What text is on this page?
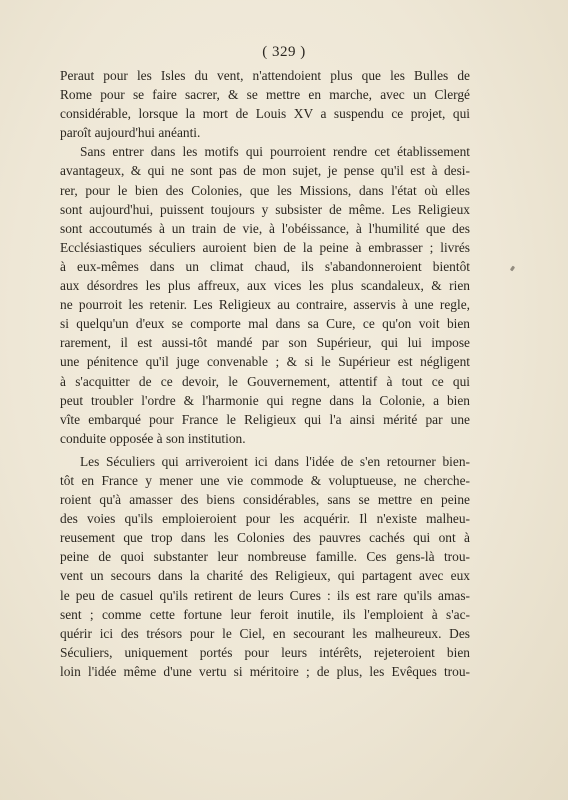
( 329 )
Peraut pour les Isles du vent, n'attendoient plus que les Bulles de
Rome pour se faire sacrer, & se mettre en marche, avec un Clergé
considérable, lorsque la mort de Louis XV a suspendu ce projet, qui
paroît aujourd'hui anéanti.
Sans entrer dans les motifs qui pourroient rendre cet établissement
avantageux, & qui ne sont pas de mon sujet, je pense qu'il est à desi-
rer, pour le bien des Colonies, que les Missions, dans l'état où elles
sont aujourd'hui, puissent toujours y subsister de même. Les Religieux
sont accoutumés à un train de vie, à l'obéissance, à l'humilité que des
Ecclésiastiques séculiers auroient bien de la peine à embrasser ; livrés
à eux-mêmes dans un climat chaud, ils s'abandonneroient bientôt
aux désordres les plus affreux, aux vices les plus scandaleux, & rien
ne pourroit les retenir. Les Religieux au contraire, asservis à une regle,
si quelqu'un d'eux se comporte mal dans sa Cure, ce qu'on voit bien
rarement, il est aussi-tôt mandé par son Supérieur, qui lui impose
une pénitence qu'il juge convenable ; & si le Supérieur est négligent
à s'acquitter de ce devoir, le Gouvernement, attentif à tout ce qui
peut troubler l'ordre & l'harmonie qui regne dans la Colonie, a bien
vîte embarqué pour France le Religieux qui l'a ainsi mérité par une
conduite opposée à son institution.
Les Séculiers qui arriveroient ici dans l'idée de s'en retourner bien-
tôt en France y mener une vie commode & voluptueuse, ne cherche-
roient qu'à amasser des biens considérables, sans se mettre en peine
des voies qu'ils emploieroient pour les acquérir. Il n'existe malheu-
reusement que trop dans les Colonies des pauvres cachés qui ont à
peine de quoi substanter leur nombreuse famille. Ces gens-là trou-
vent un secours dans la charité des Religieux, qui partagent avec eux
le peu de casuel qu'ils retirent de leurs Cures : ils est rare qu'ils amas-
sent ; comme cette fortune leur feroit inutile, ils l'emploient à s'ac-
quérir ici des trésors pour le Ciel, en secourant les malheureux. Des
Séculiers, uniquement portés pour leurs intérêts, rejeteroient bien
loin l'idée même d'une vertu si méritoire ; de plus, les Evêques trou-
